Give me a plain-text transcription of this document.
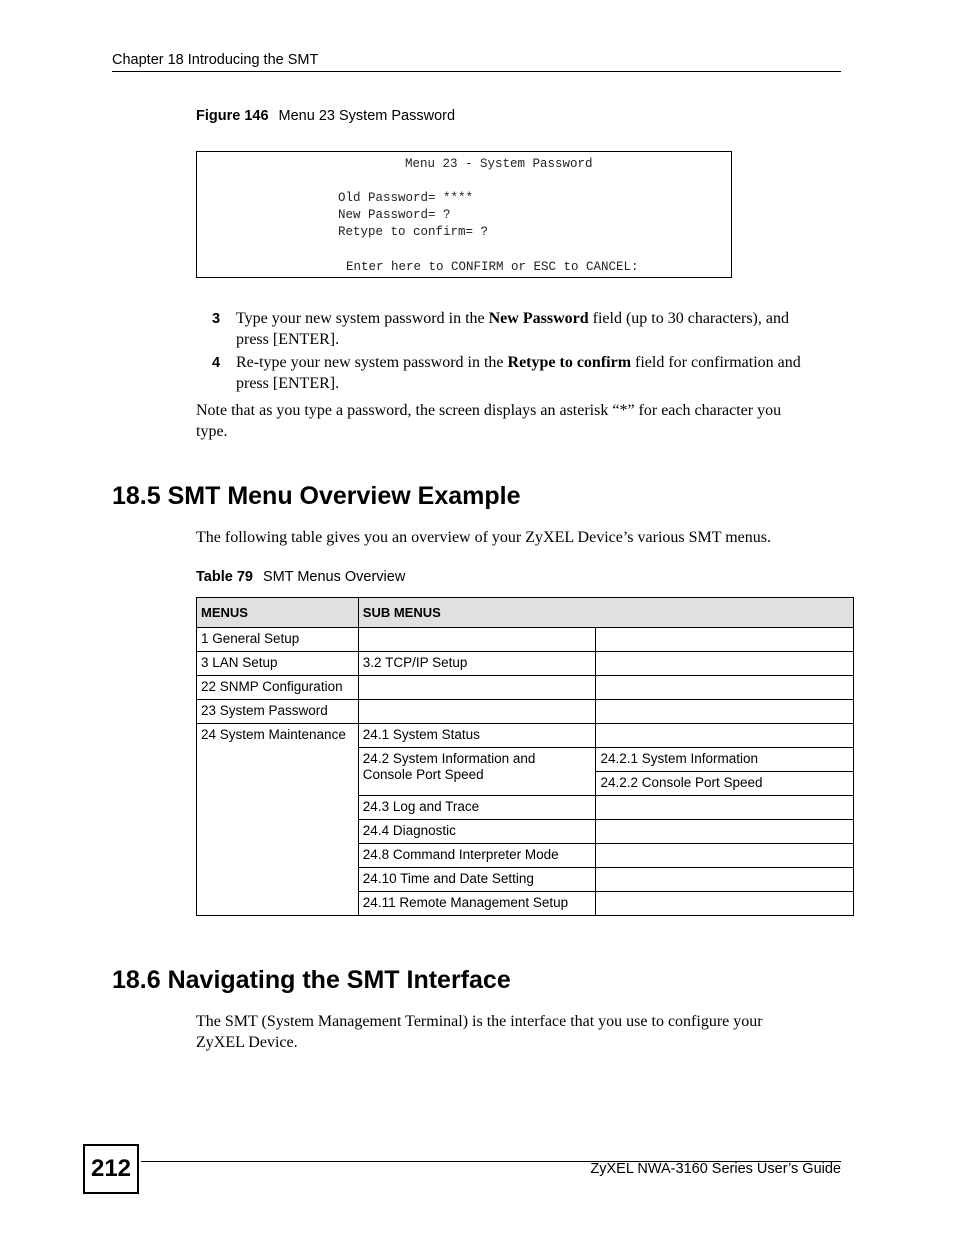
Chapter 18 Introducing the SMT
Figure 146 Menu 23 System Password
Menu 23 - System Password
Old Password= ****
New Password= ?
Retype to confirm= ?
Enter here to CONFIRM or ESC to CANCEL:
3 Type your new system password in the New Password field (up to 30 characters), and
press [ENTER].
4 Re-type your new system password in the Retype to confirm field for confirmation and
press [ENTER].
Note that as you type a password, the screen displays an asterisk “*” for each character you
type.
18.5 SMT Menu Overview Example
The following table gives you an overview of your ZyXEL Device’s various SMT menus.
Table 79 SMT Menus Overview
MENUS	SUB MENUS	
1 General Setup		
3 LAN Setup	3.2 TCP/IP Setup	
22 SNMP Configuration		
23 System Password		
24 System Maintenance	24.1 System Status	
	24.2 System Information and Console Port Speed	24.2.1 System Information
		24.2.2 Console Port Speed
	24.3 Log and Trace	
	24.4 Diagnostic	
	24.8 Command Interpreter Mode	
	24.10 Time and Date Setting	
	24.11 Remote Management Setup	
18.6 Navigating the SMT Interface
The SMT (System Management Terminal) is the interface that you use to configure your
ZyXEL Device.
212	ZyXEL NWA-3160 Series User’s Guide
